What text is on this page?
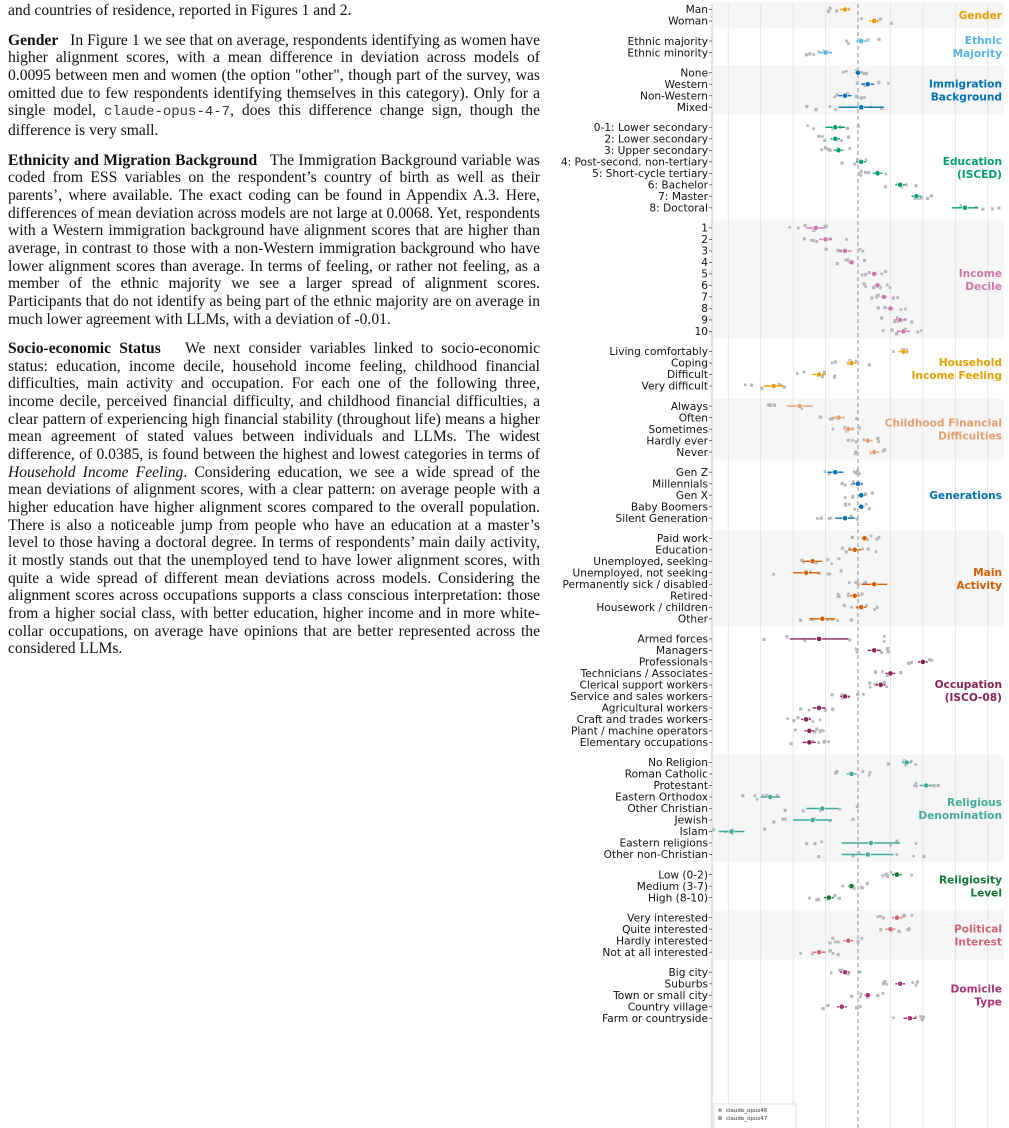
and countries of residence, reported in Figures 1 and 2.

Gender In Figure 1 we see that on average, respondents identifying as women have higher alignment scores, with a mean difference in deviation across models of 0.0095 between men and women (the option "other", though part of the survey, was omitted due to few respondents identifying themselves in this category). Only for a single model, claude-opus-4-7, does this difference change sign, though the difference is very small.

Ethnicity and Migration Background The Immigration Background variable was coded from ESS variables on the respondent’s country of birth as well as their parents’, where available. The exact coding can be found in Appendix A.3. Here, differences of mean deviation across models are not large at 0.0068. Yet, respondents with a Western immigration background have alignment scores that are higher than average, in contrast to those with a non-Western immigration background who have lower alignment scores than average. In terms of feeling, or rather not feeling, as a member of the ethnic majority we see a larger spread of alignment scores. Participants that do not identify as being part of the ethnic majority are on average in much lower agreement with LLMs, with a deviation of -0.01.

Socio-economic Status We next consider variables linked to socio-economic status: education, income decile, household income feeling, childhood financial difficulties, main activity and occupation. For each one of the following three, income decile, perceived financial difficulty, and childhood financial difficulties, a clear pattern of experiencing high financial stability (throughout life) means a higher mean agreement of stated values between individuals and LLMs. The widest difference, of 0.0385, is found between the highest and lowest categories in terms of Household Income Feeling. Considering education, we see a wide spread of the mean deviations of alignment scores, with a clear pattern: on average people with a higher education have higher alignment scores compared to the overall population. There is also a noticeable jump from people who have an education at a master’s level to those having a doctoral degree. In terms of respondents’ main daily activity, it mostly stands out that the unemployed tend to have lower alignment scores, with quite a wide spread of different mean deviations across models. Considering the alignment scores across occupations supports a class conscious interpretation: those from a higher social class, with better education, higher income and in more white-collar occupations, on average have opinions that are better represented across the considered LLMs.

Man
Woman	Gender
Ethnic majority
Ethnic minority
Ethnic
Majority
None
Western
Non-Western
Mixed
Immigration
Background
0-1: Lower secondary
2: Lower secondary
3: Upper secondary
4: Post-second. non-tertiary
5: Short-cycle tertiary
6: Bachelor
7: Master
8: Doctoral
Education
(ISCED)
1
2
3
4
5
6
7
8
9
10
Income
Decile
Living comfortably
Coping
Difficult
Very difficult
Household
Income Feeling
Always
Often
Sometimes
Hardly ever
Never
Childhood Financial
Difficulties
Gen Z
Millennials
Gen X
Baby Boomers
Silent Generation
Generations
Paid work
Education
Unemployed, seeking
Unemployed, not seeking
Permanently sick / disabled
Retired
Housework / children
Other
Main
Activity
Armed forces
Managers
Professionals
Technicians / Associates
Clerical support workers
Service and sales workers
Agricultural workers
Craft and trades workers
Plant / machine operators
Elementary occupations
Occupation
(ISCO-08)
No Religion
Roman Catholic
Protestant
Eastern Orthodox
Other Christian
Jewish
Islam
Eastern religions
Other non-Christian
Religious
Denomination
Low (0-2)
Medium (3-7)
High (8-10)
Religiosity
Level
Very interested
Quite interested
Hardly interested
Not at all interested
Political
Interest
Big city
Suburbs
Town or small city
Country village
Farm or countryside
Domicile
Type
claude_opus46
claude_opus47
